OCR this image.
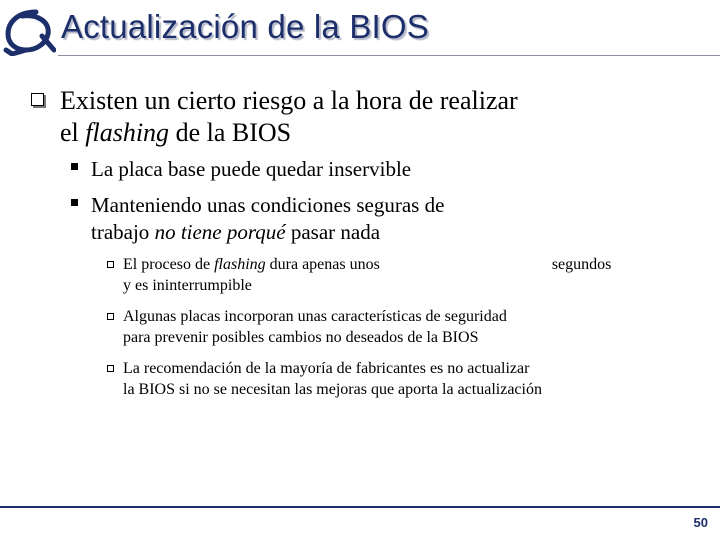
Actualización de la BIOS
Existen un cierto riesgo a la hora de realizar el flashing de la BIOS
La placa base puede quedar inservible
Manteniendo unas condiciones seguras de trabajo no tiene porqué pasar nada
El proceso de flashing dura apenas unos	segundos
y es ininterrumpible
Algunas placas incorporan unas características de seguridad
para prevenir posibles cambios no deseados de la BIOS
La recomendación de la mayoría de fabricantes es no actualizar
la BIOS si no se necesitan las mejoras que aporta la actualización
50
